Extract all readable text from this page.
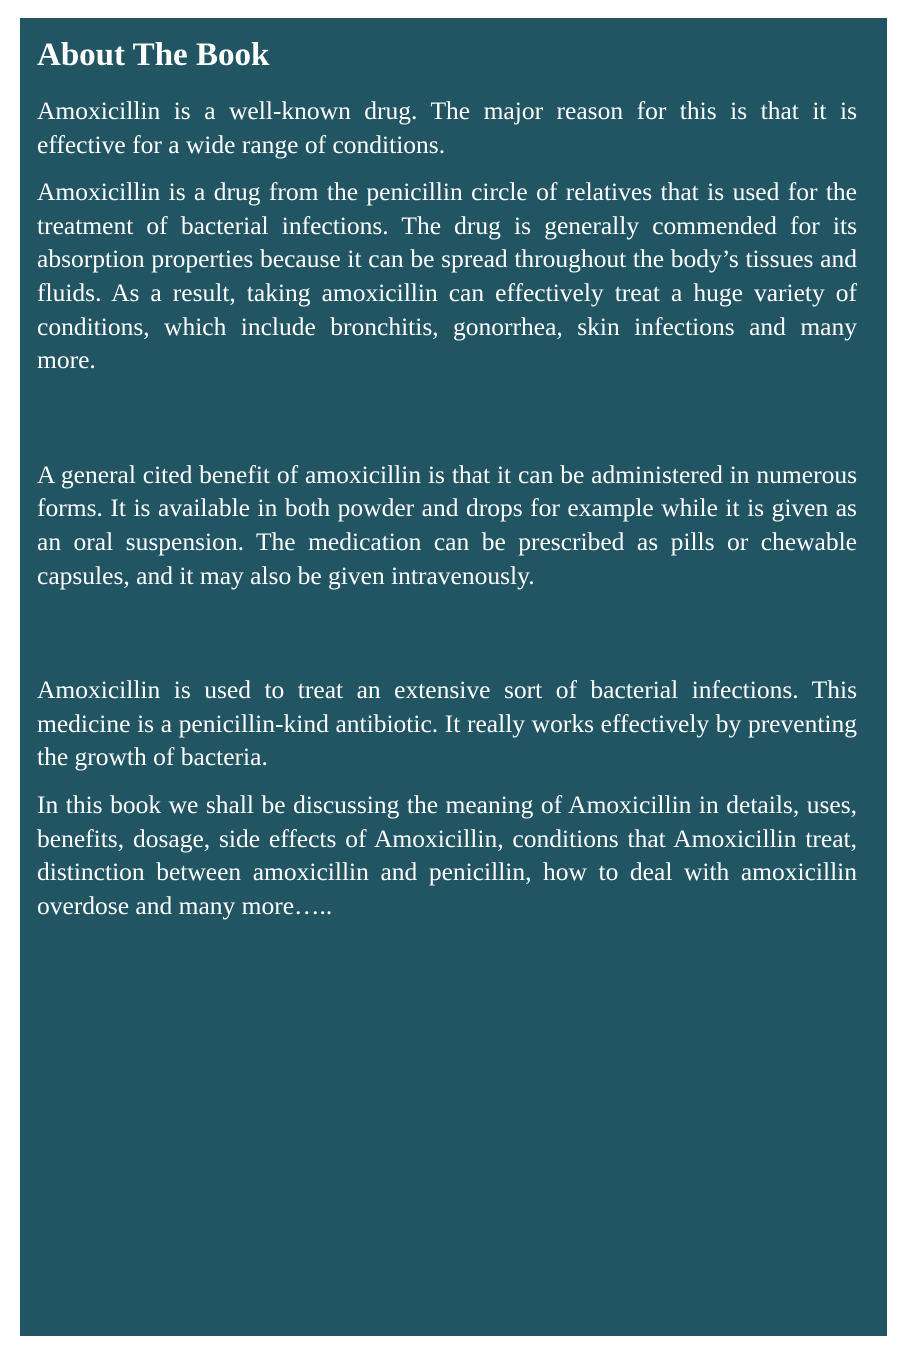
About The Book

Amoxicillin is a well-known drug. The major reason for this is that it is effective for a wide range of conditions.

Amoxicillin is a drug from the penicillin circle of relatives that is used for the treatment of bacterial infections. The drug is generally commended for its absorption properties because it can be spread throughout the body’s tissues and fluids. As a result, taking amoxicillin can effectively treat a huge variety of conditions, which include bronchitis, gonorrhea, skin infections and many more.

A general cited benefit of amoxicillin is that it can be administered in numerous forms. It is available in both powder and drops for example while it is given as an oral suspension. The medication can be prescribed as pills or chewable capsules, and it may also be given intravenously.

Amoxicillin is used to treat an extensive sort of bacterial infections. This medicine is a penicillin-kind antibiotic. It really works effectively by preventing the growth of bacteria.

In this book we shall be discussing the meaning of Amoxicillin in details, uses, benefits, dosage, side effects of Amoxicillin, conditions that Amoxicillin treat, distinction between amoxicillin and penicillin, how to deal with amoxicillin overdose and many more…..
